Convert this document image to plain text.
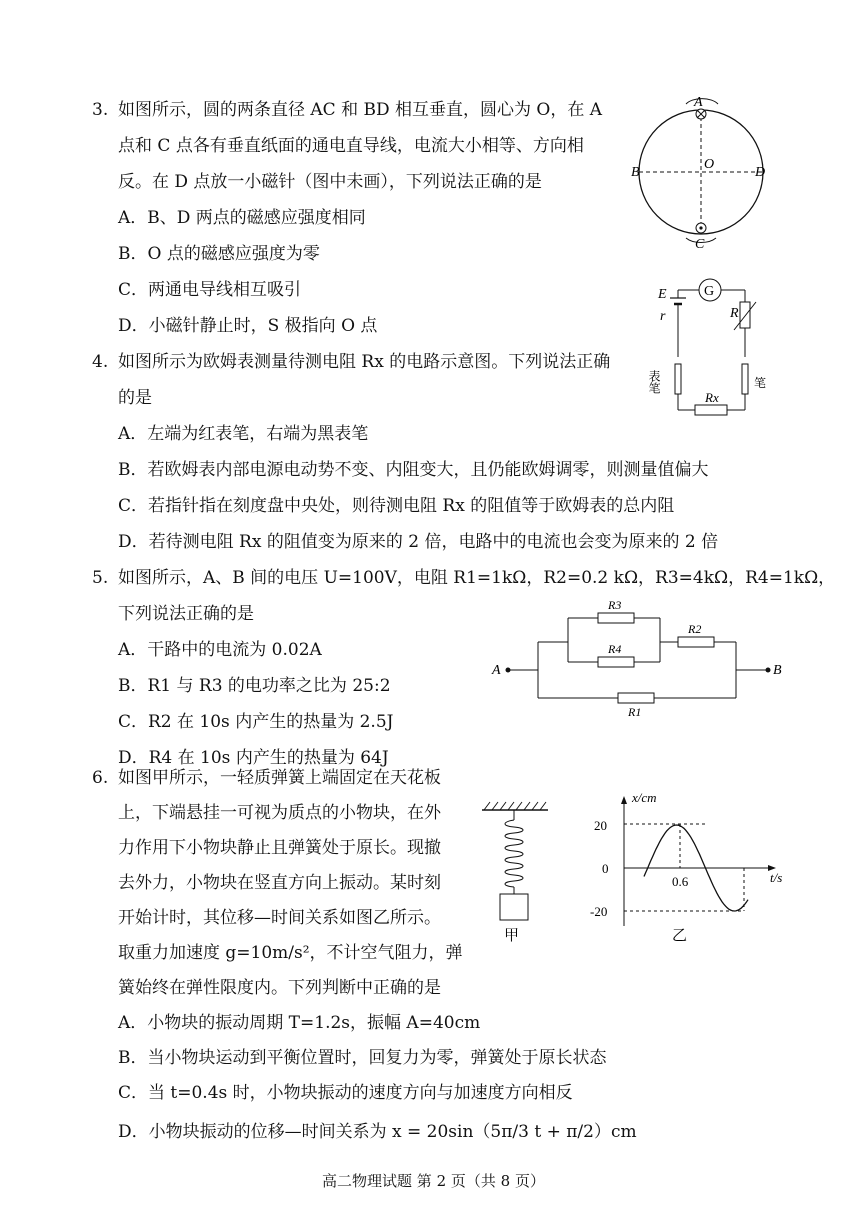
3. 如图所示，圆的两条直径 AC 和 BD 相互垂直，圆心为 O，在 A
点和 C 点各有垂直纸面的通电直导线，电流大小相等、方向相
反。在 D 点放一小磁针（图中未画），下列说法正确的是
A．B、D 两点的磁感应强度相同
B．O 点的磁感应强度为零
C．两通电导线相互吸引
D．小磁针静止时，S 极指向 O 点
A
B
C
D
O
4. 如图所示为欧姆表测量待测电阻 Rx 的电路示意图。下列说法正确
的是
A．左端为红表笔，右端为黑表笔
B．若欧姆表内部电源电动势不变、内阻变大，且仍能欧姆调零，则测量值偏大
C．若指针指在刻度盘中央处，则待测电阻 Rx 的阻值等于欧姆表的总内阻
D．若待测电阻 Rx 的阻值变为原来的 2 倍，电路中的电流也会变为原来的 2 倍
G
E
r	R
Rx
表笔	笔
5. 如图所示，A、B 间的电压 U=100V，电阻 R1=1kΩ，R2=0.2 kΩ，R3=4kΩ，R4=1kΩ，
下列说法正确的是
A．干路中的电流为 0.02A
B．R1 与 R3 的电功率之比为 25:2
C．R2 在 10s 内产生的热量为 2.5J
D．R4 在 10s 内产生的热量为 64J
A
R3
R4
R2
R1
B
6. 如图甲所示，一轻质弹簧上端固定在天花板
上，下端悬挂一可视为质点的小物块，在外
力作用下小物块静止且弹簧处于原长。现撤
去外力，小物块在竖直方向上振动。某时刻
开始计时，其位移—时间关系如图乙所示。
取重力加速度 g=10m/s²，不计空气阻力，弹
簧始终在弹性限度内。下列判断中正确的是
A．小物块的振动周期 T=1.2s，振幅 A=40cm
B．当小物块运动到平衡位置时，回复力为零，弹簧处于原长状态
C．当 t=0.4s 时，小物块振动的速度方向与加速度方向相反
D．小物块振动的位移—时间关系为 x = 20sin（5π/3 t + π/2）cm
甲
x/cm
t/s
20
0
-20
0.6
乙
高二物理试题 第 2 页（共 8 页）
